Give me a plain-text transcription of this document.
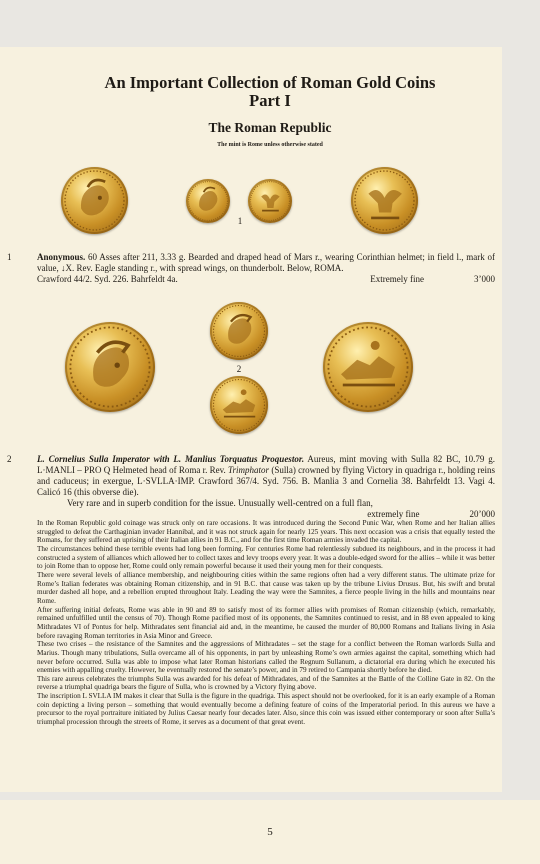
An Important Collection of Roman Gold Coins
Part I
The Roman Republic
The mint is Rome unless otherwise stated
1
1	Anonymous. 60 Asses after 211, 3.33 g. Bearded and draped head of Mars r., wearing Corinthian helmet; in field l., mark of value, ↓X. Rev. Eagle standing r., with spread wings, on thunderbolt. Below, ROMA.
Crawford 44/2. Syd. 226. Bahrfeldt 4a.	Extremely fine	3’000
2
2	L. Cornelius Sulla Imperator with L. Manlius Torquatus Proquestor. Aureus, mint moving with Sulla 82 BC, 10.79 g. L·MANLI – PRO Q Helmeted head of Roma r. Rev. Trimphator (Sulla) crowned by flying Victory in quadriga r., holding reins and caduceus; in exergue, L·SVLLA·IMP. Crawford 367/4. Syd. 756. B. Manlia 3 and Cornelia 38. Bahrfeldt 13. Vagi 4. Calicó 16 (this obverse die).
Very rare and in superb condition for the issue. Unusually well-centred on a full flan,
extremely fine	20’000

In the Roman Republic gold coinage was struck only on rare occasions. It was introduced during the Second Punic War, when Rome and her Italian allies struggled to defeat the Carthaginian invader Hannibal, and it was not struck again for nearly 125 years. This next occasion was a crisis that equally tested the Romans, for they suffered an uprising of their Italian allies in 91 B.C., and for the first time Roman armies invaded the capital.

The circumstances behind these terrible events had long been forming. For centuries Rome had relentlessly subdued its neighbours, and in the process it had constructed a system of alliances which allowed her to collect taxes and levy troops every year. It was a double-edged sword for the allies – while it was better to join Rome than to oppose her, Rome could only remain powerful because it used their young men for their conquests.

There were several levels of alliance membership, and neighbouring cities within the same regions often had a very different status. The ultimate prize for Rome’s Italian federates was obtaining Roman citizenship, and in 91 B.C. that cause was taken up by the tribune Livius Drusus. But, his swift and brutal murder dashed all hope, and a rebellion erupted throughout Italy. Leading the way were the Samnites, a fierce people living in the hills and mountains near Rome.

After suffering initial defeats, Rome was able in 90 and 89 to satisfy most of its former allies with promises of Roman citizenship (which, remarkably, remained unfulfilled until the census of 70). Though Rome pacified most of its opponents, the Samnites continued to resist, and in 88 even appealed to king Mithradates VI of Pontus for help. Mithradates sent financial aid and, in the meantime, he caused the murder of 80,000 Romans and Italians living in Asia before ravaging Roman territories in Asia Minor and Greece.

These two crises – the resistance of the Samnites and the aggressions of Mithradates – set the stage for a conflict between the Roman warlords Sulla and Marius. Though many tribulations, Sulla overcame all of his opponents, in part by unleashing Rome’s own armies against the capital, something which had never before occurred. Sulla was able to impose what later Roman historians called the Regnum Sullanum, a dictatorial era during which he executed his enemies with appalling cruelty. However, he eventually restored the senate’s power, and in 79 retired to Campania shortly before he died.

This rare aureus celebrates the triumphs Sulla was awarded for his defeat of Mithradates, and of the Samnites at the Battle of the Colline Gate in 82. On the reverse a triumphal quadriga bears the figure of Sulla, who is crowned by a Victory flying above.

The inscription L SVLLA IM makes it clear that Sulla is the figure in the quadriga. This aspect should not be overlooked, for it is an early example of a Roman coin depicting a living person – something that would eventually become a defining feature of coins of the Imperatorial period. In this aureus we have a precursor to the royal portraiture initiated by Julius Caesar nearly four decades later. Also, since this coin was issued either contemporary or soon after Sulla’s triumphal procession through the streets of Rome, it serves as a document of that great event.

5
